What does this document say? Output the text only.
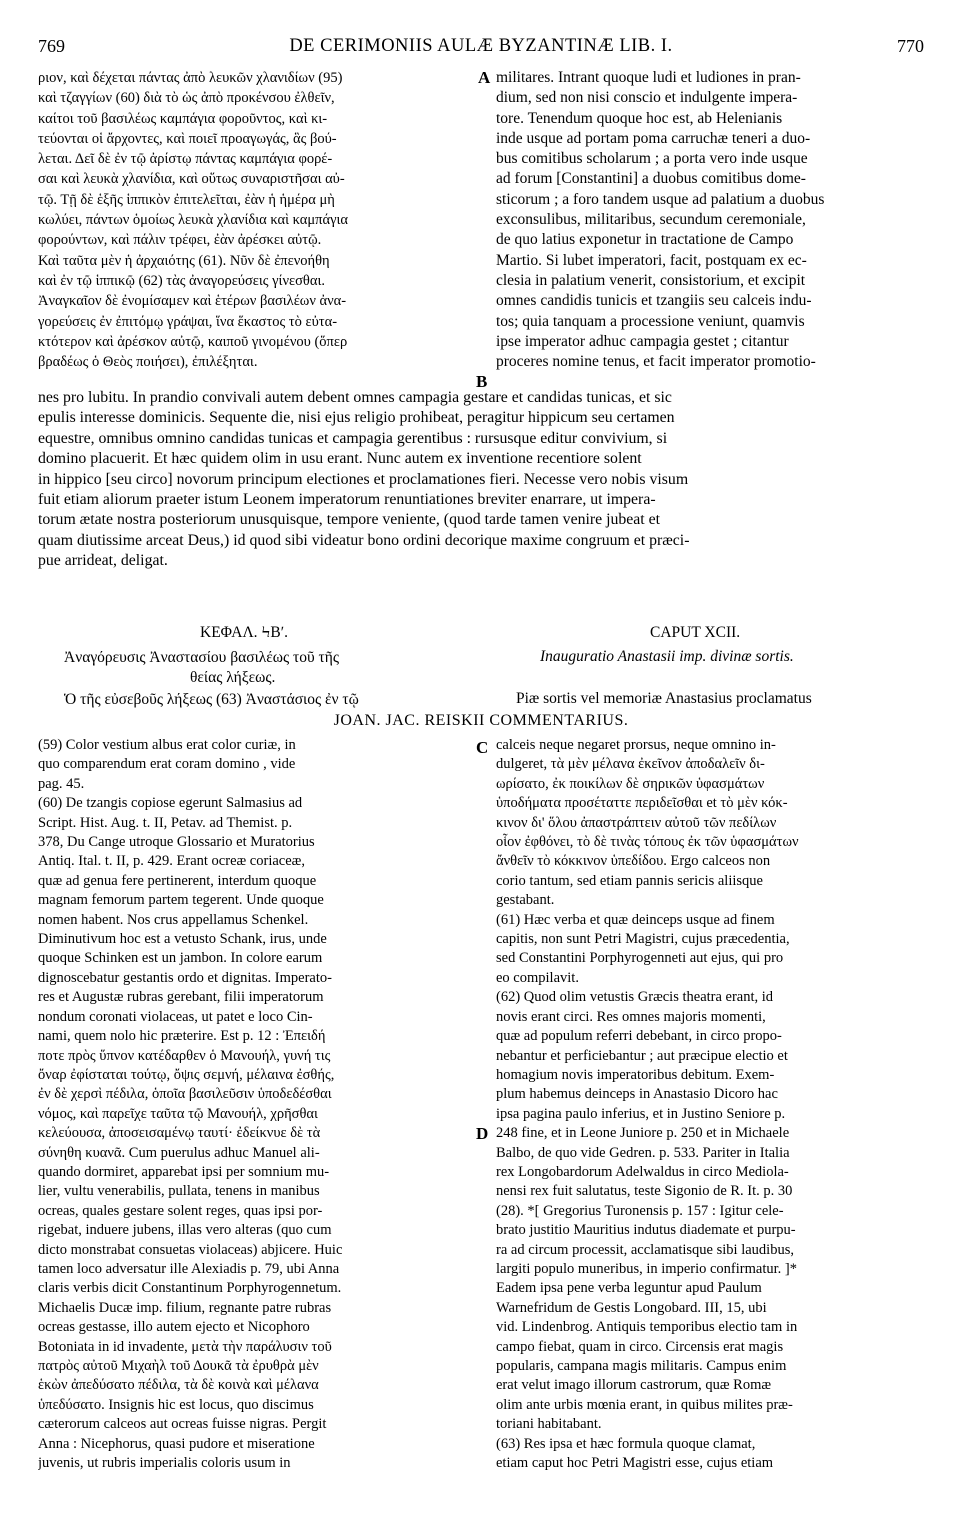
769	DE CERIMONIIS AULÆ BYZANTINÆ LIB. I.	770
ριον, καὶ δέχεται πάντας ἀπὸ λευκῶν χλανιδίων (95)
καὶ τζαγγίων (60) διὰ τὸ ὡς ἀπὸ προκένσου ἐλθεῖν,
καίτοι τοῦ βασιλέως καμπάγια φοροῦντος, καὶ κι-
τεύονται οἱ ἄρχοντες, καὶ ποιεῖ προαγωγάς, ἃς βού-
λεται. Δεῖ δὲ ἐν τῷ ἀρίστῳ πάντας καμπάγια φορέ-
σαι καὶ λευκὰ χλανίδια, καὶ οὕτως συναριστῆσαι αὐ-
τῷ. Τῇ δὲ ἑξῆς ἱππικὸν ἐπιτελεῖται, ἐὰν ἡ ἡμέρα μὴ
κωλύει, πάντων ὁμοίως λευκὰ χλανίδια καὶ καμπάγια
φορούντων, καὶ πάλιν τρέφει, ἐὰν ἀρέσκει αὐτῷ.
Καὶ ταῦτα μὲν ἡ ἀρχαιότης (61). Νῦν δὲ ἐπενοήθη
καὶ ἐν τῷ ἱππικῷ (62) τὰς ἀναγορεύσεις γίνεσθαι.
Ἀναγκαῖον δὲ ἐνομίσαμεν καὶ ἑτέρων βασιλέων ἀνα-
γορεύσεις ἐν ἐπιτόμῳ γράψαι, ἵνα ἕκαστος τὸ εὐτα-
κτότερον καὶ ἀρέσκον αὐτῷ, καιποῦ γινομένου (ὅπερ
βραδέως ὁ Θεὸς ποιήσει), ἐπιλέξηται.
militares. Intrant quoque ludi et ludiones in pran-
dium, sed non nisi conscio et indulgente impera-
tore. Tenendum quoque hoc est, ab Helenianis
inde usque ad portam poma carruchæ teneri a duo-
bus comitibus scholarum ; a porta vero inde usque
ad forum [Constantini] a duobus comitibus dome-
sticorum ; a foro tandem usque ad palatium a duobus
exconsulibus, militaribus, secundum ceremoniale,
de quo latius exponetur in tractatione de Campo
Martio. Si lubet imperatori, facit, postquam ex ec-
clesia in palatium venerit, consistorium, et excipit
omnes candidis tunicis et tzangiis seu calceis indu-
tos; quia tanquam a processione veniunt, quamvis
ipse imperator adhuc campagia gestet ; citantur
proceres nomine tenus, et facit imperator promotio-
A
B
nes pro lubitu. In prandio convivali autem debent omnes campagia gestare et candidas tunicas, et sic
epulis interesse dominicis. Sequente die, nisi ejus religio prohibeat, peragitur hippicum seu certamen
equestre, omnibus omnino candidas tunicas et campagia gerentibus : rursusque editur convivium, si
domino placuerit. Et hæc quidem olim in usu erant. Nunc autem ex inventione recentiore solent
in hippico [seu circo] novorum principum electiones et proclamationes fieri. Necesse vero nobis visum
fuit etiam aliorum praeter istum Leonem imperatorum renuntiationes breviter enarrare, ut impera-
torum ætate nostra posteriorum unusquisque, tempore veniente, (quod tarde tamen venire jubeat et
quam diutissime arceat Deus,) id quod sibi videatur bono ordini decorique maxime congruum et præci-
pue arrideat, deligat.
ΚΕΦΑΛ. ϞΒʹ.	CAPUT XCII.
Ἀναγόρευσις Ἀναστασίου βασιλέως τοῦ τῆς
θείας λήξεως.
Inauguratio Anastasii imp. divinæ sortis.
Ὁ τῆς εὐσεβοῦς λήξεως (63) Ἀναστάσιος ἐν τῷ	Piæ sortis vel memoriæ Anastasius proclamatus
JOAN. JAC. REISKII COMMENTARIUS.
(59) Color vestium albus erat color curiæ, in
quo comparendum erat coram domino , vide
pag. 45.
(60) De tzangis copiose egerunt Salmasius ad
Script. Hist. Aug. t. II, Petav. ad Themist. p.
378, Du Cange utroque Glossario et Muratorius
Antiq. Ital. t. II, p. 429. Erant ocreæ coriaceæ,
quæ ad genua fere pertinerent, interdum quoque
magnam femorum partem tegerent. Unde quoque
nomen habent. Nos crus appellamus Schenkel.
Diminutivum hoc est a vetusto Schank, irus, unde
quoque Schinken est un jambon. In colore earum
dignoscebatur gestantis ordo et dignitas. Imperato-
res et Augustæ rubras gerebant, filii imperatorum
nondum coronati violaceas, ut patet e loco Cin-
nami, quem nolo hic præterire. Est p. 12 : Ἐπειδή
ποτε πρὸς ὕπνον κατέδαρθεν ὁ Μανουήλ, γυνή τις
ὄναρ ἐφίσταται τούτῳ, ὄψις σεμνή, μέλαινα ἐσθής,
ἐν δὲ χερσὶ πέδιλα, ὁποῖα βασιλεῦσιν ὑποδεδέσθαι
νόμος, καὶ παρεῖχε ταῦτα τῷ Μανουήλ, χρῆσθαι
κελεύουσα, ἀποσεισαμένῳ ταυτί· ἐδείκνυε δὲ τὰ
σύνηθη κυανᾶ. Cum puerulus adhuc Manuel ali-
quando dormiret, apparebat ipsi per somnium mu-
lier, vultu venerabilis, pullata, tenens in manibus
ocreas, quales gestare solent reges, quas ipsi por-
rigebat, induere jubens, illas vero alteras (quo cum
dicto monstrabat consuetas violaceas) abjicere. Huic
tamen loco adversatur ille Alexiadis p. 79, ubi Anna
claris verbis dicit Constantinum Porphyrogennetum.
Michaelis Ducæ imp. filium, regnante patre rubras
ocreas gestasse, illo autem ejecto et Nicophoro
Botoniata in id invadente, μετὰ τὴν παράλυσιν τοῦ
πατρὸς αὐτοῦ Μιχαὴλ τοῦ Δουκᾶ τὰ ἐρυθρὰ μὲν
ἑκὼν ἀπεδύσατο πέδιλα, τὰ δὲ κοινὰ καὶ μέλανα
ὑπεδύσατο. Insignis hic est locus, quo discimus
cæterorum calceos aut ocreas fuisse nigras. Pergit
Anna : Nicephorus, quasi pudore et miseratione
juvenis, ut rubris imperialis coloris usum in
calceis neque negaret prorsus, neque omnino in-
dulgeret, τὰ μὲν μέλανα ἐκεῖνον ἀποδαλεῖν δι-
ωρίσατο, ἐκ ποικίλων δὲ σηρικῶν ὑφασμάτων
ὑποδήματα προσέταττε περιδεῖσθαι et τὸ μὲν κόκ-
κινον δι' ὅλου ἀπαστράπτειν αὐτοῦ τῶν πεδίλων
οἷον ἐφθόνει, τὸ δὲ τινὰς τόπους ἐκ τῶν ὑφασμάτων
ἄνθεῖν τὸ κόκκινον ὑπεδίδου. Ergo calceos non
corio tantum, sed etiam pannis sericis aliisque
gestabant.
(61) Hæc verba et quæ deinceps usque ad finem
capitis, non sunt Petri Magistri, cujus præcedentia,
sed Constantini Porphyrogenneti aut ejus, qui pro
eo compilavit.
(62) Quod olim vetustis Græcis theatra erant, id
novis erant circi. Res omnes majoris momenti,
quæ ad populum referri debebant, in circo propo-
nebantur et perficiebantur ; aut præcipue electio et
homagium novis imperatoribus debitum. Exem-
plum habemus deinceps in Anastasio Dicoro hac
ipsa pagina paulo inferius, et in Justino Seniore p.
248 fine, et in Leone Juniore p. 250 et in Michaele
Balbo, de quo vide Gedren. p. 533. Pariter in Italia
rex Longobardorum Adelwaldus in circo Mediola-
nensi rex fuit salutatus, teste Sigonio de R. It. p. 30
(28). *[ Gregorius Turonensis p. 157 : Igitur cele-
brato justitio Mauritius indutus diademate et purpu-
ra ad circum processit, acclamatisque sibi laudibus,
largiti populo muneribus, in imperio confirmatur. ]*
Eadem ipsa pene verba leguntur apud Paulum
Warnefridum de Gestis Longobard. III, 15, ubi
vid. Lindenbrog. Antiquis temporibus electio tam in
campo fiebat, quam in circo. Circensis erat magis
popularis, campana magis militaris. Campus enim
erat velut imago illorum castrorum, quæ Romæ
olim ante urbis mœnia erant, in quibus milites præ-
toriani habitabant.
(63) Res ipsa et hæc formula quoque clamat,
etiam caput hoc Petri Magistri esse, cujus etiam
C
D
